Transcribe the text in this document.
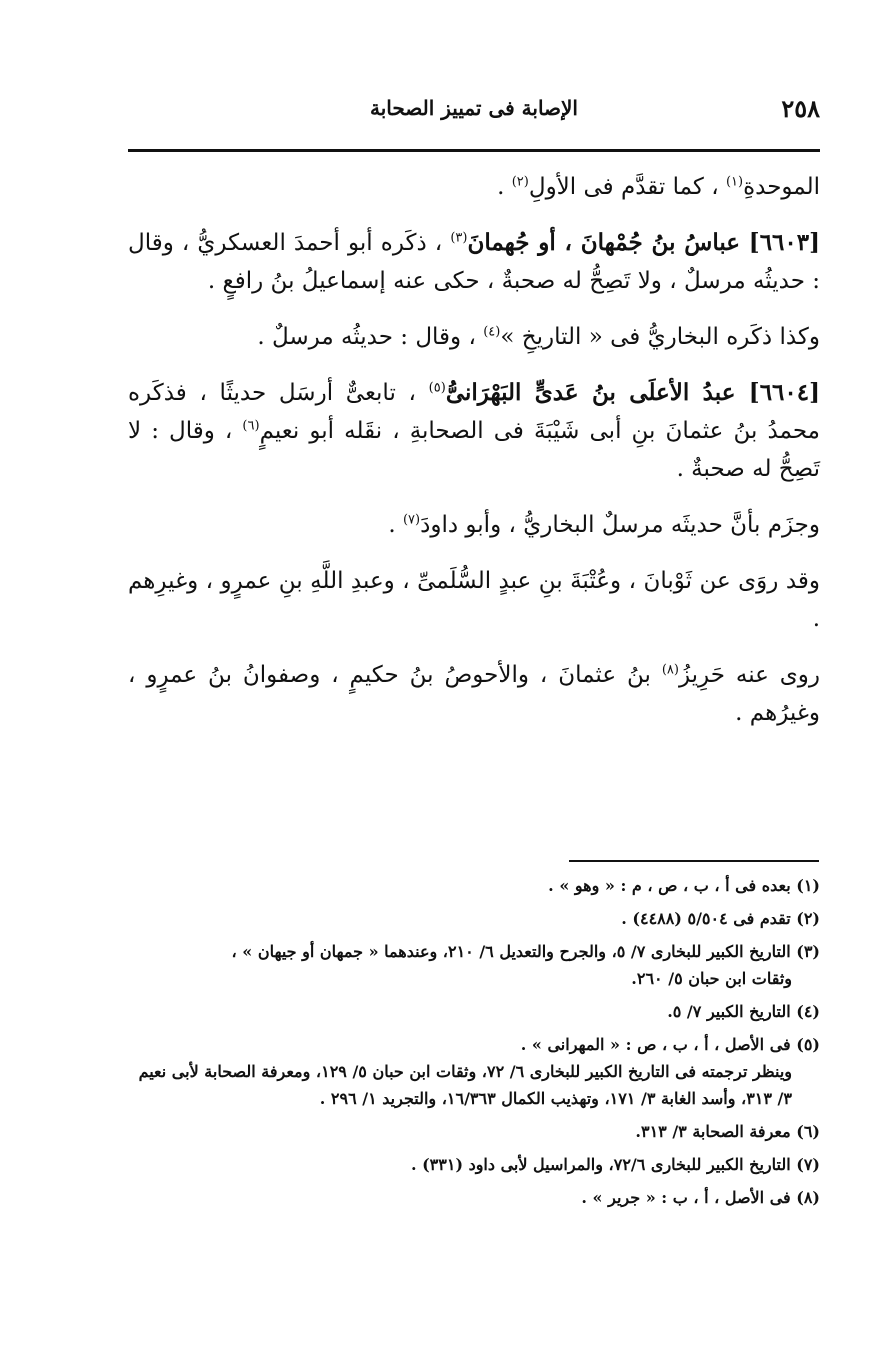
٢٥٨
الإصابة فى تمييز الصحابة

الموحدةِ$^{(١)}$ ، كما تقدَّم فى الأولِ$^{(٢)}$ .

[٦٦٠٣] عباسُ بنُ جُمْهانَ ، أو جُهمانَ$^{(٣)}$ ، ذكَره أبو أحمدَ العسكريُّ ، وقال : حديثُه مرسلٌ ، ولا تَصِحُّ له صحبةٌ ، حكى عنه إسماعيلُ بنُ رافعٍ .

وكذا ذكَره البخاريُّ فى « التاريخِ »$^{(٤)}$ ، وقال : حديثُه مرسلٌ .

[٦٦٠٤] عبدُ الأعلَى بنُ عَدىٍّ البَهْرَانىُّ$^{(٥)}$ ، تابعىٌّ أرسَل حديثًا ، فذكَره محمدُ بنُ عثمانَ بنِ أبى شَيْبَةَ فى الصحابةِ ، نقَله أبو نعيمٍ$^{(٦)}$ ، وقال : لا تَصِحُّ له صحبةٌ .

وجزَم بأنَّ حديثَه مرسلٌ البخاريُّ ، وأبو داودَ$^{(٧)}$ .

وقد روَى عن ثَوْبانَ ، وعُتْبَةَ بنِ عبدٍ السُّلَمىِّ ، وعبدِ اللَّهِ بنِ عمرٍو ، وغيرِهم .

روى عنه حَرِيزُ$^{(٨)}$ بنُ عثمانَ ، والأحوصُ بنُ حكيمٍ ، وصفوانُ بنُ عمرٍو ، وغيرُهم .

(١) بعده فى أ ، ب ، ص ، م : « وهو » .
(٢) تقدم فى ٥/٥٠٤ (٤٤٨٨) .
(٣) التاريخ الكبير للبخارى ٧/ ٥، والجرح والتعديل ٦/ ٢١٠، وعندهما « جمهان أو جيهان » ،
وثقات ابن حبان ٥/ ٢٦٠.
(٤) التاريخ الكبير ٧/ ٥.
(٥) فى الأصل ، أ ، ب ، ص : « المهرانى » .
وينظر ترجمته فى التاريخ الكبير للبخارى ٦/ ٧٢، وثقات ابن حبان ٥/ ١٢٩، ومعرفة الصحابة لأبى نعيم ٣/ ٣١٣، وأسد الغابة ٣/ ١٧١، وتهذيب الكمال ١٦/٣٦٣، والتجريد ١/ ٢٩٦ .
(٦) معرفة الصحابة ٣/ ٣١٣.
(٧) التاريخ الكبير للبخارى ٧٢/٦، والمراسيل لأبى داود (٣٣١) .
(٨) فى الأصل ، أ ، ب : « جرير » .
